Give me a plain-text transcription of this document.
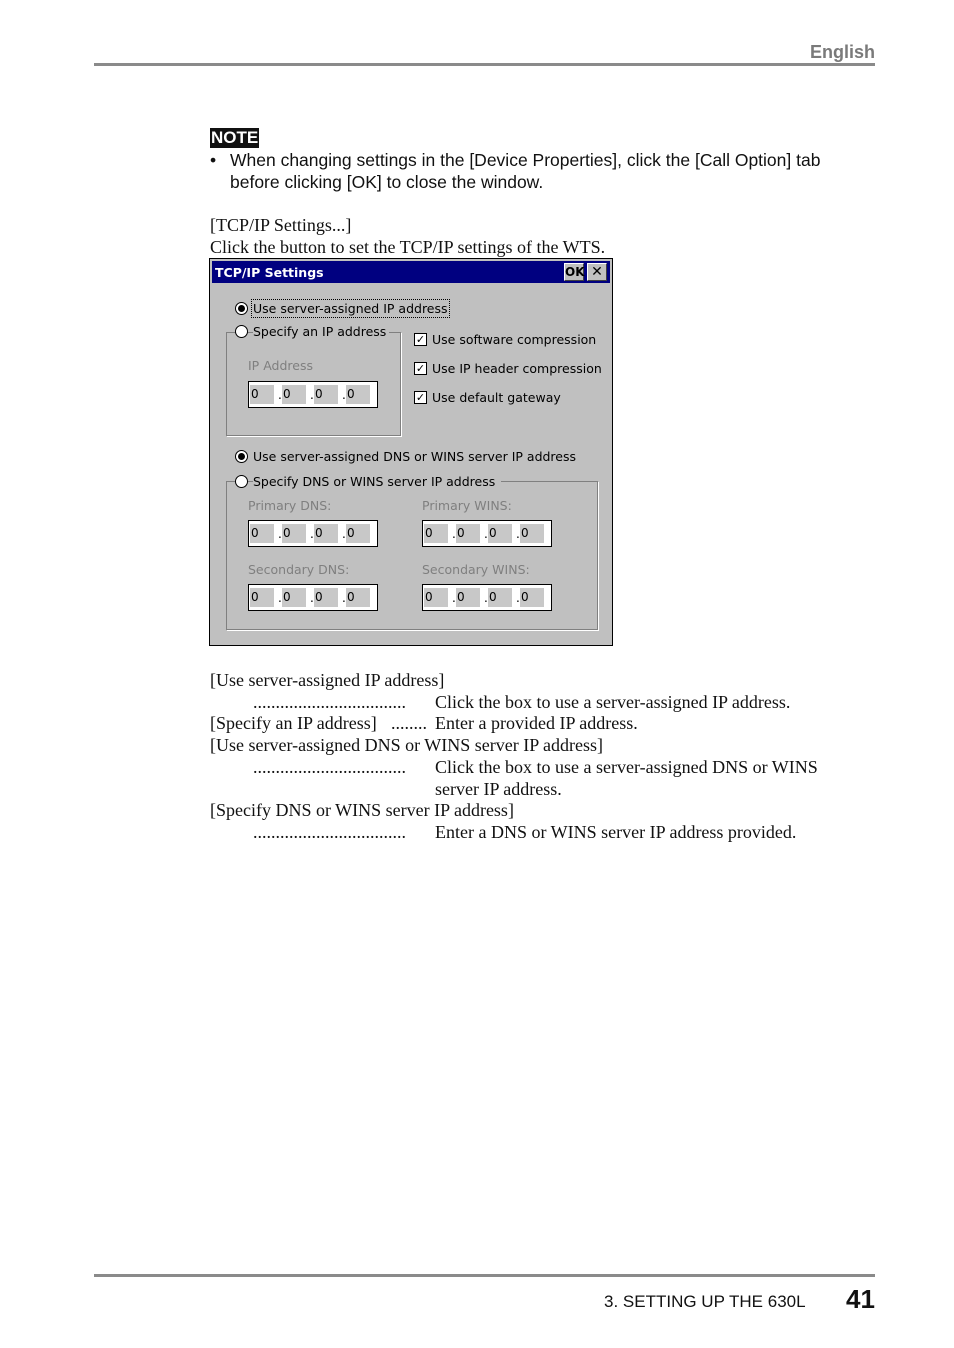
English
NOTE
• When changing settings in the [Device Properties], click the [Call Option] tab before clicking [OK] to close the window.
[TCP/IP Settings...]
Click the button to set the TCP/IP settings of the WTS.
TCP/IP Settings	OK ✕
Use server-assigned IP address
Specify an IP address
IP Address
0	. 0	. 0	. 0
✓ Use software compression
✓ Use IP header compression
✓ Use default gateway
Use server-assigned DNS or WINS server IP address
Specify DNS or WINS server IP address
Primary DNS:
0	. 0	. 0	. 0
Primary WINS:
0	. 0	. 0	. 0
Secondary DNS:
0	. 0	. 0	. 0
Secondary WINS:
0	. 0	. 0	. 0
[Use server-assigned IP address]
.................................. Click the box to use a server-assigned IP address.
[Specify an IP address] ........ Enter a provided IP address.
[Use server-assigned DNS or WINS server IP address]
.................................. Click the box to use a server-assigned DNS or WINS server IP address.
[Specify DNS or WINS server IP address]
.................................. Enter a DNS or WINS server IP address provided.
3. SETTING UP THE 630L 41
